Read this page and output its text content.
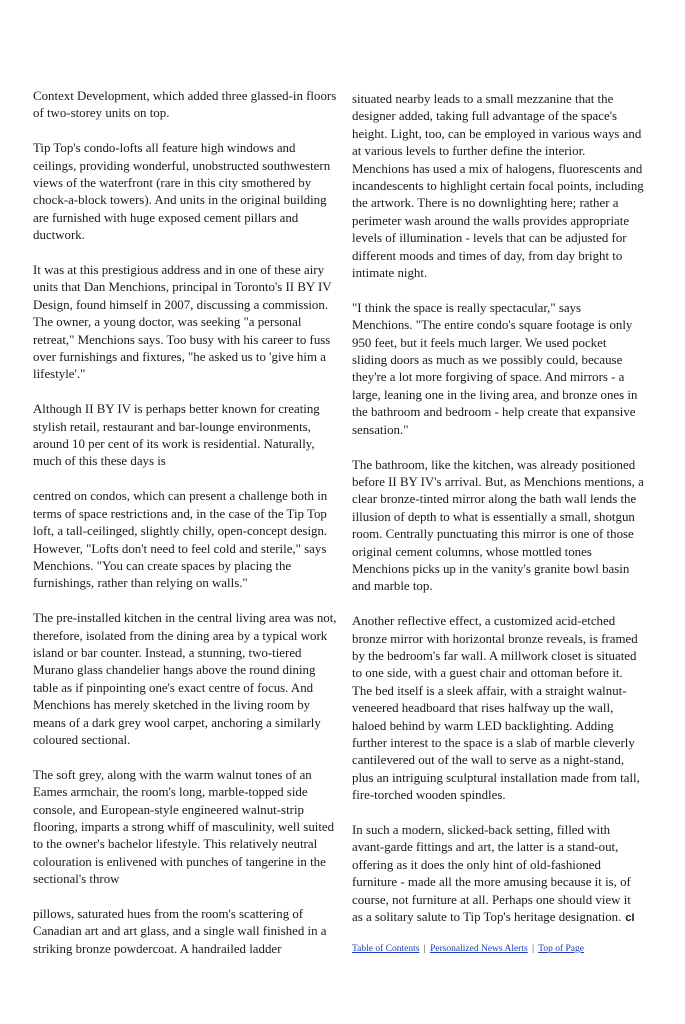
Context Development, which added three glassed-in floors of two-storey units on top.

Tip Top's condo-lofts all feature high windows and ceilings, providing wonderful, unobstructed southwestern views of the waterfront (rare in this city smothered by chock-a-block towers). And units in the original building are furnished with huge exposed cement pillars and ductwork.

It was at this prestigious address and in one of these airy units that Dan Menchions, principal in Toronto's II BY IV Design, found himself in 2007, discussing a commission. The owner, a young doctor, was seeking "a personal retreat," Menchions says. Too busy with his career to fuss over furnishings and fixtures, "he asked us to 'give him a lifestyle'."

Although II BY IV is perhaps better known for creating stylish retail, restaurant and bar-lounge environments, around 10 per cent of its work is residential. Naturally, much of this these days is

centred on condos, which can present a challenge both in terms of space restrictions and, in the case of the Tip Top loft, a tall-ceilinged, slightly chilly, open-concept design. However, "Lofts don't need to feel cold and sterile," says Menchions. "You can create spaces by placing the furnishings, rather than relying on walls."

The pre-installed kitchen in the central living area was not, therefore, isolated from the dining area by a typical work island or bar counter. Instead, a stunning, two-tiered Murano glass chandelier hangs above the round dining table as if pinpointing one's exact centre of focus. And Menchions has merely sketched in the living room by means of a dark grey wool carpet, anchoring a similarly coloured sectional.

The soft grey, along with the warm walnut tones of an Eames armchair, the room's long, marble-topped side console, and European-style engineered walnut-strip flooring, imparts a strong whiff of masculinity, well suited to the owner's bachelor lifestyle. This relatively neutral colouration is enlivened with punches of tangerine in the sectional's throw

pillows, saturated hues from the room's scattering of Canadian art and art glass, and a single wall finished in a striking bronze powdercoat. A handrailed ladder

situated nearby leads to a small mezzanine that the designer added, taking full advantage of the space's height. Light, too, can be employed in various ways and at various levels to further define the interior. Menchions has used a mix of halogens, fluorescents and incandescents to highlight certain focal points, including the artwork. There is no downlighting here; rather a perimeter wash around the walls provides appropriate levels of illumination - levels that can be adjusted for different moods and times of day, from day bright to intimate night.

"I think the space is really spectacular," says Menchions. "The entire condo's square footage is only 950 feet, but it feels much larger. We used pocket sliding doors as much as we possibly could, because they're a lot more forgiving of space. And mirrors - a large, leaning one in the living area, and bronze ones in the bathroom and bedroom - help create that expansive sensation."

The bathroom, like the kitchen, was already positioned before II BY IV's arrival. But, as Menchions mentions, a clear bronze-tinted mirror along the bath wall lends the illusion of depth to what is essentially a small, shotgun room. Centrally punctuating this mirror is one of those original cement columns, whose mottled tones Menchions picks up in the vanity's granite bowl basin and marble top.

Another reflective effect, a customized acid-etched bronze mirror with horizontal bronze reveals, is framed by the bedroom's far wall. A millwork closet is situated to one side, with a guest chair and ottoman before it. The bed itself is a sleek affair, with a straight walnut-veneered headboard that rises halfway up the wall, haloed behind by warm LED backlighting. Adding further interest to the space is a slab of marble cleverly cantilevered out of the wall to serve as a night-stand, plus an intriguing sculptural installation made from tall, fire-torched wooden spindles.

In such a modern, slicked-back setting, filled with avant-garde fittings and art, the latter is a stand-out, offering as it does the only hint of old-fashioned furniture - made all the more amusing because it is, of course, not furniture at all. Perhaps one should view it as a solitary salute to Tip Top's heritage designation. cI

Table of Contents | Personalized News Alerts | Top of Page
